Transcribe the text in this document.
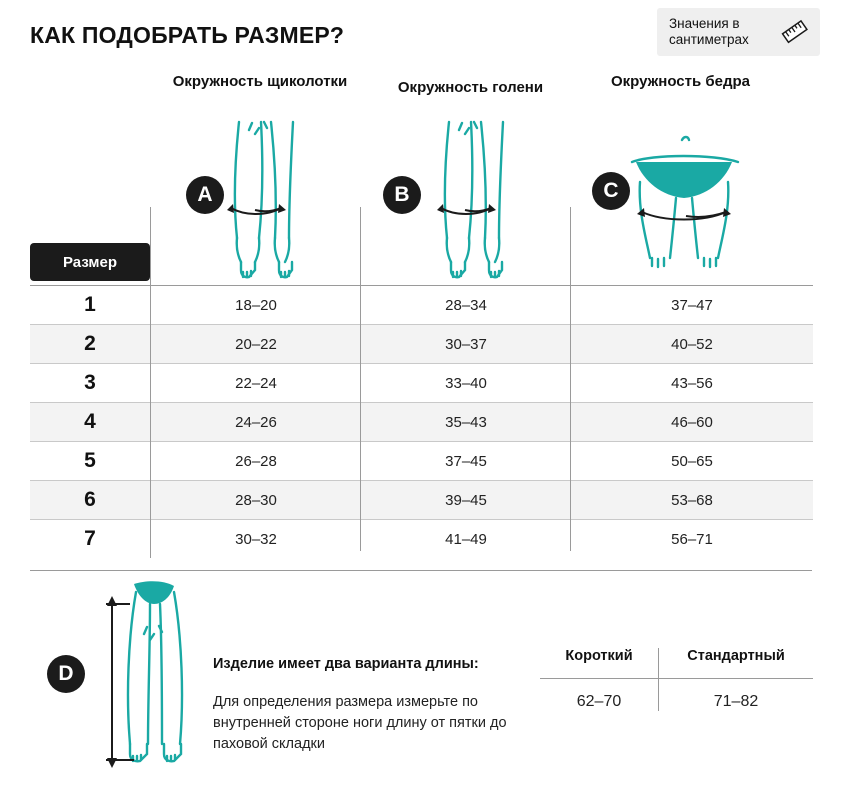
КАК ПОДОБРАТЬ РАЗМЕР?	Значения в сантиметрах
Окружность щиколотки	Окружность голени	Окружность бедра
A	B	C
Размер
1	18–20	28–34	37–47
2	20–22	30–37	40–52
3	22–24	33–40	43–56
4	24–26	35–43	46–60
5	26–28	37–45	50–65
6	28–30	39–45	53–68
7	30–32	41–49	56–71
D	Изделие имеет два варианта длины:
Для определения размера измерьте по внутренней стороне ноги длину от пятки до паховой складки
Короткий	Стандартный
62–70	71–82
